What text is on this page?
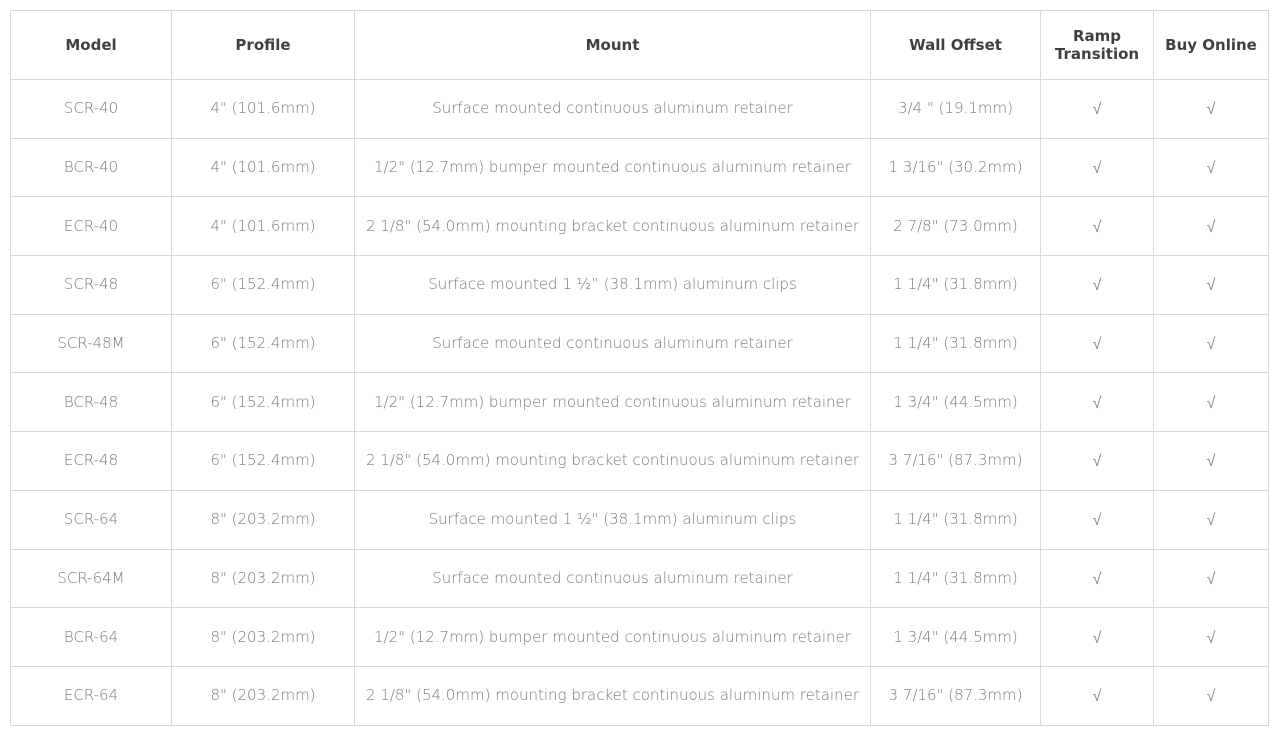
Model	Profile	Mount	Wall Offset	Ramp Transition	Buy Online
SCR-40	4" (101.6mm)	Surface mounted continuous aluminum retainer	3/4 " (19.1mm)	√	√
BCR-40	4" (101.6mm)	1/2" (12.7mm) bumper mounted continuous aluminum retainer	1 3/16" (30.2mm)	√	√
ECR-40	4" (101.6mm)	2 1/8" (54.0mm) mounting bracket continuous aluminum retainer	2 7/8" (73.0mm)	√	√
SCR-48	6" (152.4mm)	Surface mounted 1 ½” (38.1mm) aluminum clips	1 1/4" (31.8mm)	√	√
SCR-48M	6" (152.4mm)	Surface mounted continuous aluminum retainer	1 1/4" (31.8mm)	√	√
BCR-48	6" (152.4mm)	1/2" (12.7mm) bumper mounted continuous aluminum retainer	1 3/4" (44.5mm)	√	√
ECR-48	6" (152.4mm)	2 1/8" (54.0mm) mounting bracket continuous aluminum retainer	3 7/16" (87.3mm)	√	√
SCR-64	8" (203.2mm)	Surface mounted 1 ½" (38.1mm) aluminum clips	1 1/4" (31.8mm)	√	√
SCR-64M	8" (203.2mm)	Surface mounted continuous aluminum retainer	1 1/4" (31.8mm)	√	√
BCR-64	8" (203.2mm)	1/2" (12.7mm) bumper mounted continuous aluminum retainer	1 3/4" (44.5mm)	√	√
ECR-64	8" (203.2mm)	2 1/8" (54.0mm) mounting bracket continuous aluminum retainer	3 7/16" (87.3mm)	√	√
